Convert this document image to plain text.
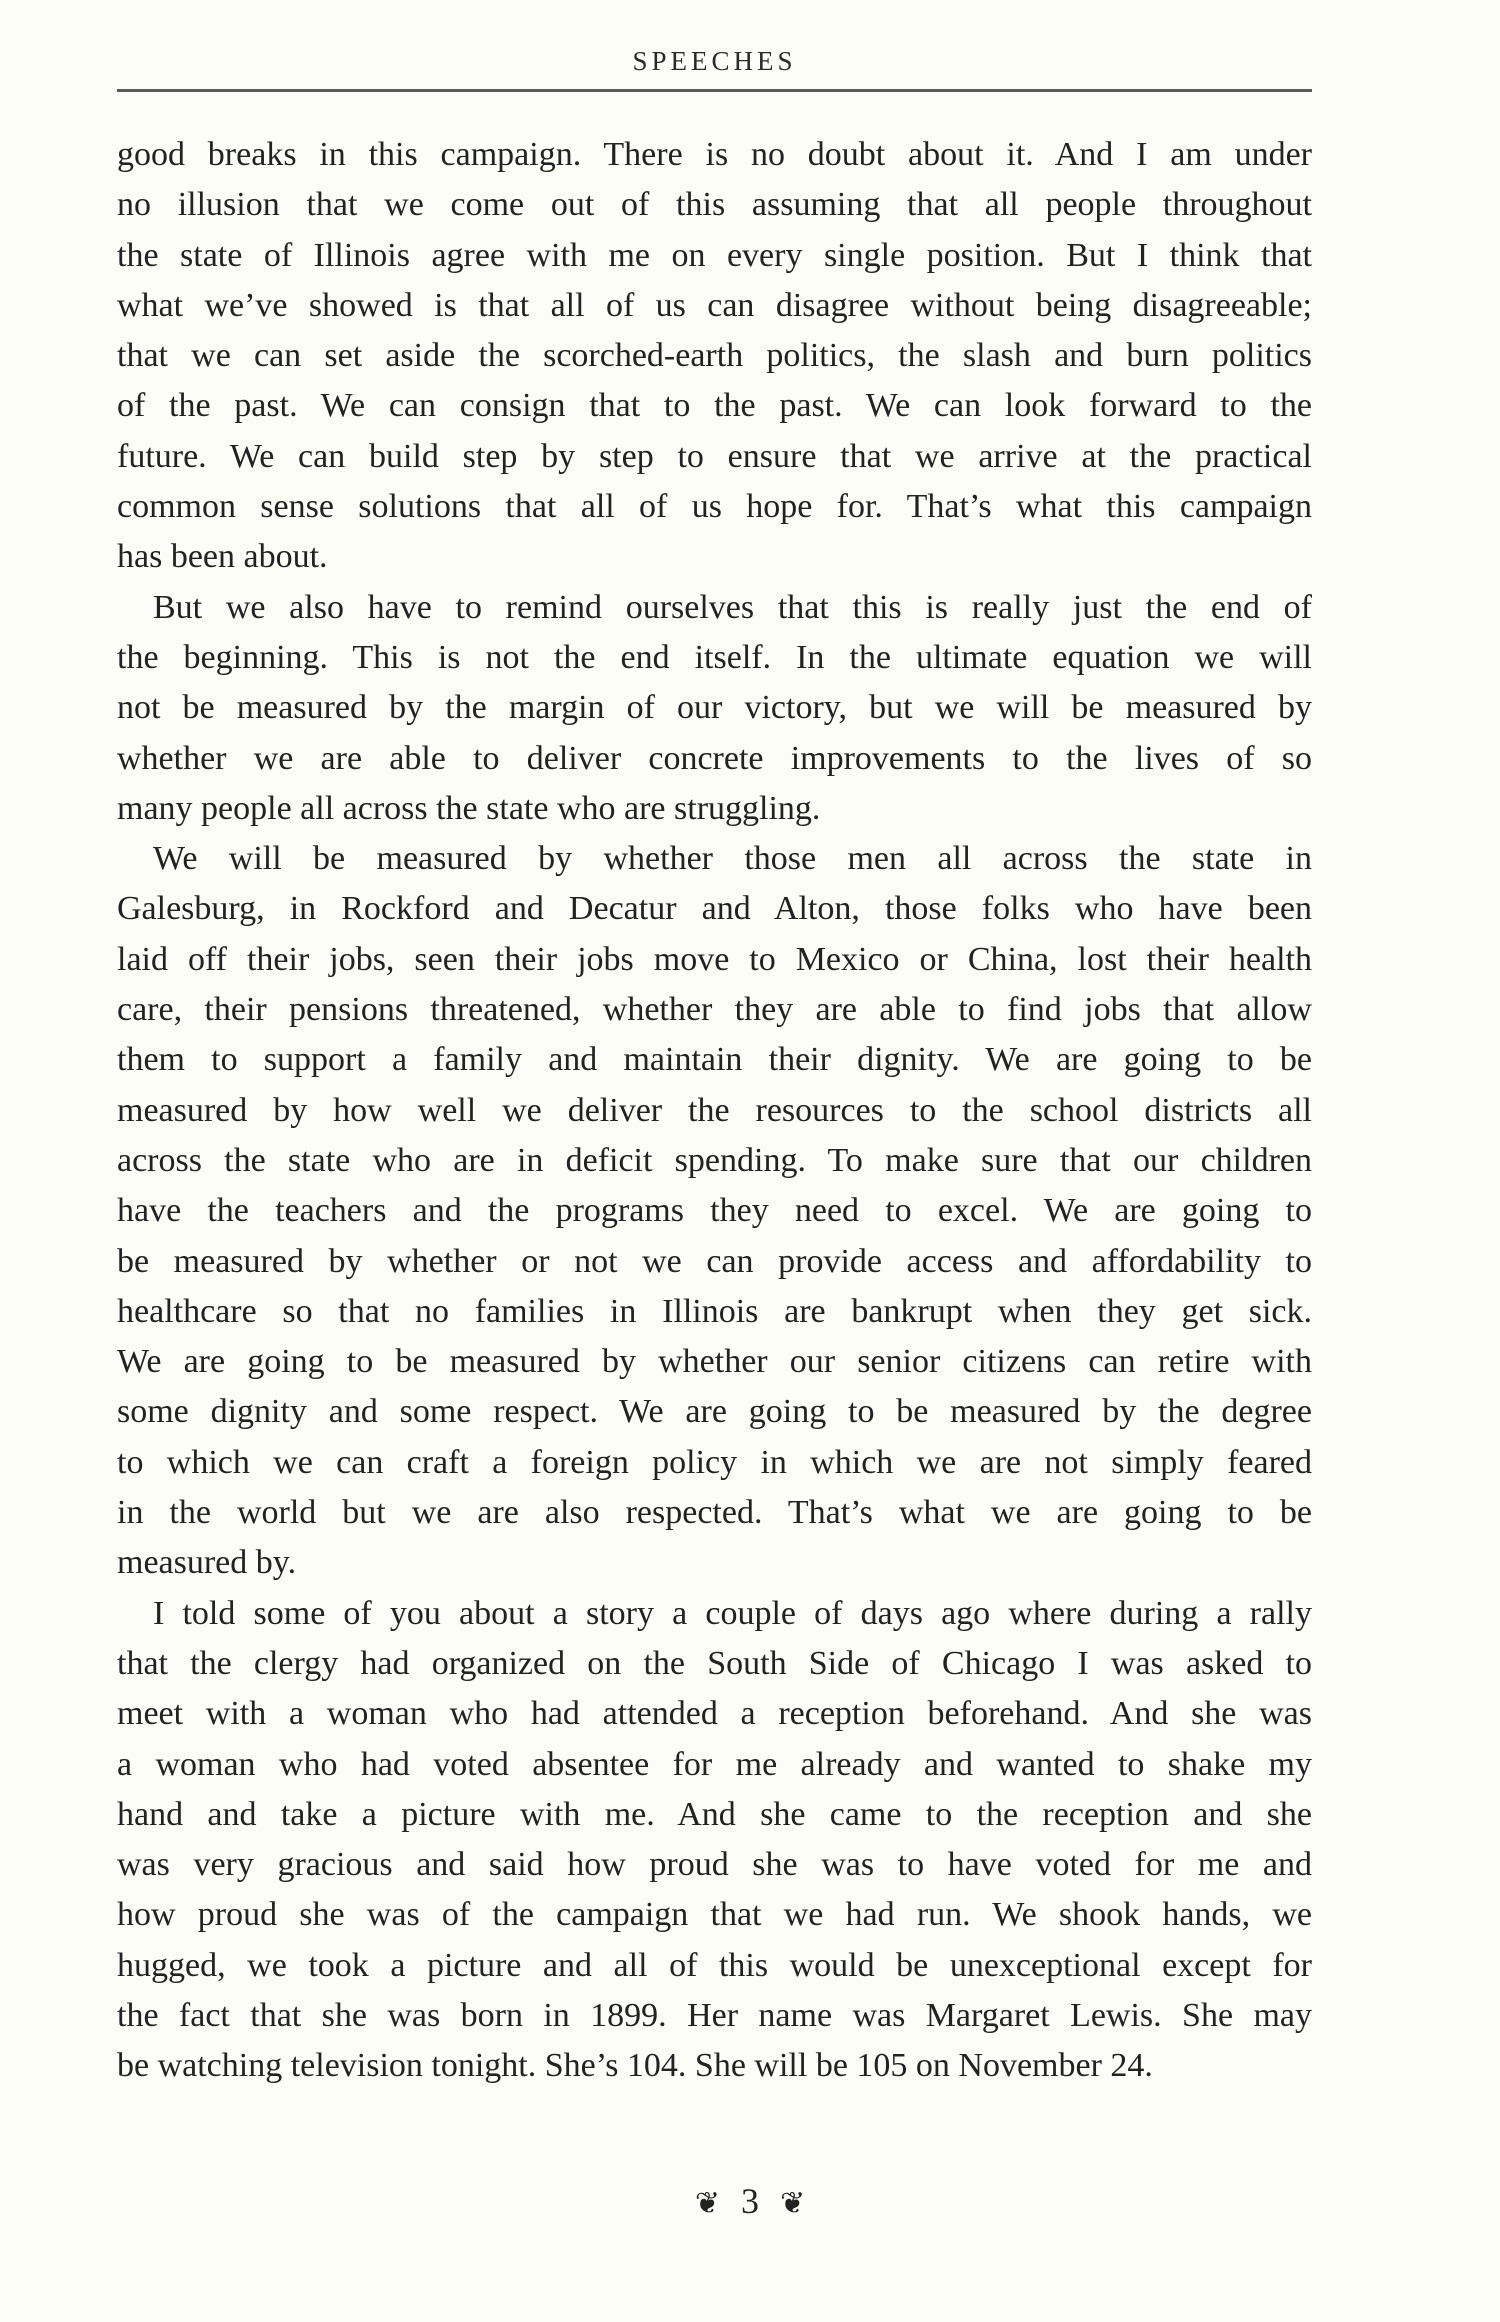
SPEECHES
good breaks in this campaign. There is no doubt about it. And I am under
no illusion that we come out of this assuming that all people throughout
the state of Illinois agree with me on every single position. But I think that
what we’ve showed is that all of us can disagree without being disagreeable;
that we can set aside the scorched-earth politics, the slash and burn politics
of the past. We can consign that to the past. We can look forward to the
future. We can build step by step to ensure that we arrive at the practical
common sense solutions that all of us hope for. That’s what this campaign
has been about.
But we also have to remind ourselves that this is really just the end of
the beginning. This is not the end itself. In the ultimate equation we will
not be measured by the margin of our victory, but we will be measured by
whether we are able to deliver concrete improvements to the lives of so
many people all across the state who are struggling.
We will be measured by whether those men all across the state in
Galesburg, in Rockford and Decatur and Alton, those folks who have been
laid off their jobs, seen their jobs move to Mexico or China, lost their health
care, their pensions threatened, whether they are able to find jobs that allow
them to support a family and maintain their dignity. We are going to be
measured by how well we deliver the resources to the school districts all
across the state who are in deficit spending. To make sure that our children
have the teachers and the programs they need to excel. We are going to
be measured by whether or not we can provide access and affordability to
healthcare so that no families in Illinois are bankrupt when they get sick.
We are going to be measured by whether our senior citizens can retire with
some dignity and some respect. We are going to be measured by the degree
to which we can craft a foreign policy in which we are not simply feared
in the world but we are also respected. That’s what we are going to be
measured by.
I told some of you about a story a couple of days ago where during a rally
that the clergy had organized on the South Side of Chicago I was asked to
meet with a woman who had attended a reception beforehand. And she was
a woman who had voted absentee for me already and wanted to shake my
hand and take a picture with me. And she came to the reception and she
was very gracious and said how proud she was to have voted for me and
how proud she was of the campaign that we had run. We shook hands, we
hugged, we took a picture and all of this would be unexceptional except for
the fact that she was born in 1899. Her name was Margaret Lewis. She may
be watching television tonight. She’s 104. She will be 105 on November 24.
❦ 3 ❦
